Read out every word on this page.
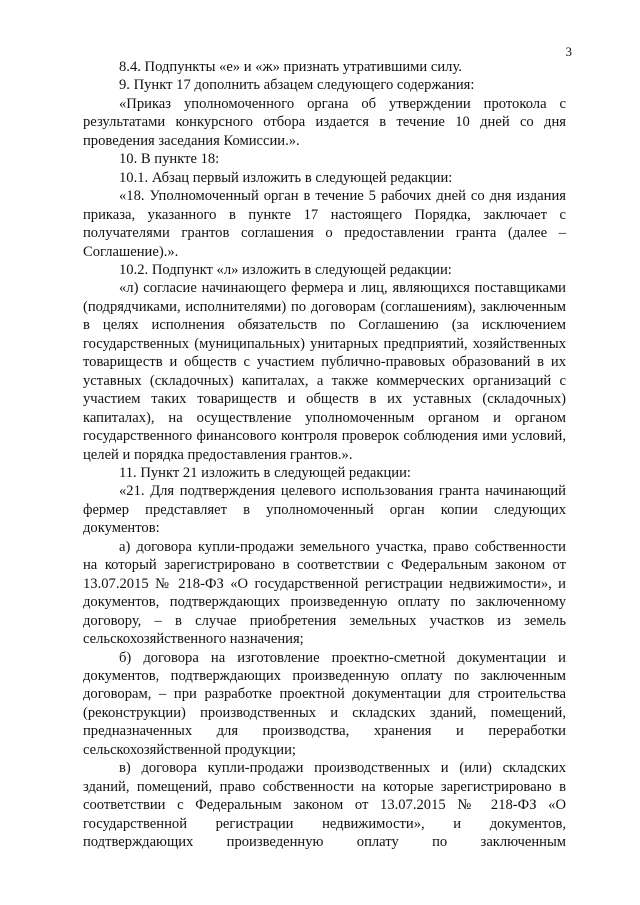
3

8.4. Подпункты «е» и «ж» признать утратившими силу.

9. Пункт 17 дополнить абзацем следующего содержания:

«Приказ уполномоченного органа об утверждении протокола с результатами конкурсного отбора издается в течение 10 дней со дня проведения заседания Комиссии.».

10. В пункте 18:

10.1. Абзац первый изложить в следующей редакции:

«18. Уполномоченный орган в течение 5 рабочих дней со дня издания приказа, указанного в пункте 17 настоящего Порядка, заключает с получателями грантов соглашения о предоставлении гранта (далее – Соглашение).».

10.2. Подпункт «л» изложить в следующей редакции:

«л) согласие начинающего фермера и лиц, являющихся поставщиками (подрядчиками, исполнителями) по договорам (соглашениям), заключенным в целях исполнения обязательств по Соглашению (за исключением государственных (муниципальных) унитарных предприятий, хозяйственных товариществ и обществ с участием публично-правовых образований в их уставных (складочных) капиталах, а также коммерческих организаций с участием таких товариществ и обществ в их уставных (складочных) капиталах), на осуществление уполномоченным органом и органом государственного финансового контроля проверок соблюдения ими условий, целей и порядка предоставления грантов.».

11. Пункт 21 изложить в следующей редакции:

«21. Для подтверждения целевого использования гранта начинающий фермер представляет в уполномоченный орган копии следующих документов:

а) договора купли-продажи земельного участка, право собственности на который зарегистрировано в соответствии с Федеральным законом от 13.07.2015 № 218-ФЗ «О государственной регистрации недвижимости», и документов, подтверждающих произведенную оплату по заключенному договору, – в случае приобретения земельных участков из земель сельскохозяйственного назначения;

б) договора на изготовление проектно-сметной документации и документов, подтверждающих произведенную оплату по заключенным договорам, – при разработке проектной документации для строительства (реконструкции) производственных и складских зданий, помещений, предназначенных для производства, хранения и переработки сельскохозяйственной продукции;

в) договора купли-продажи производственных и (или) складских зданий, помещений, право собственности на которые зарегистрировано в соответствии с Федеральным законом от 13.07.2015 № 218-ФЗ «О государственной регистрации недвижимости», и документов, подтверждающих произведенную оплату по заключенным
